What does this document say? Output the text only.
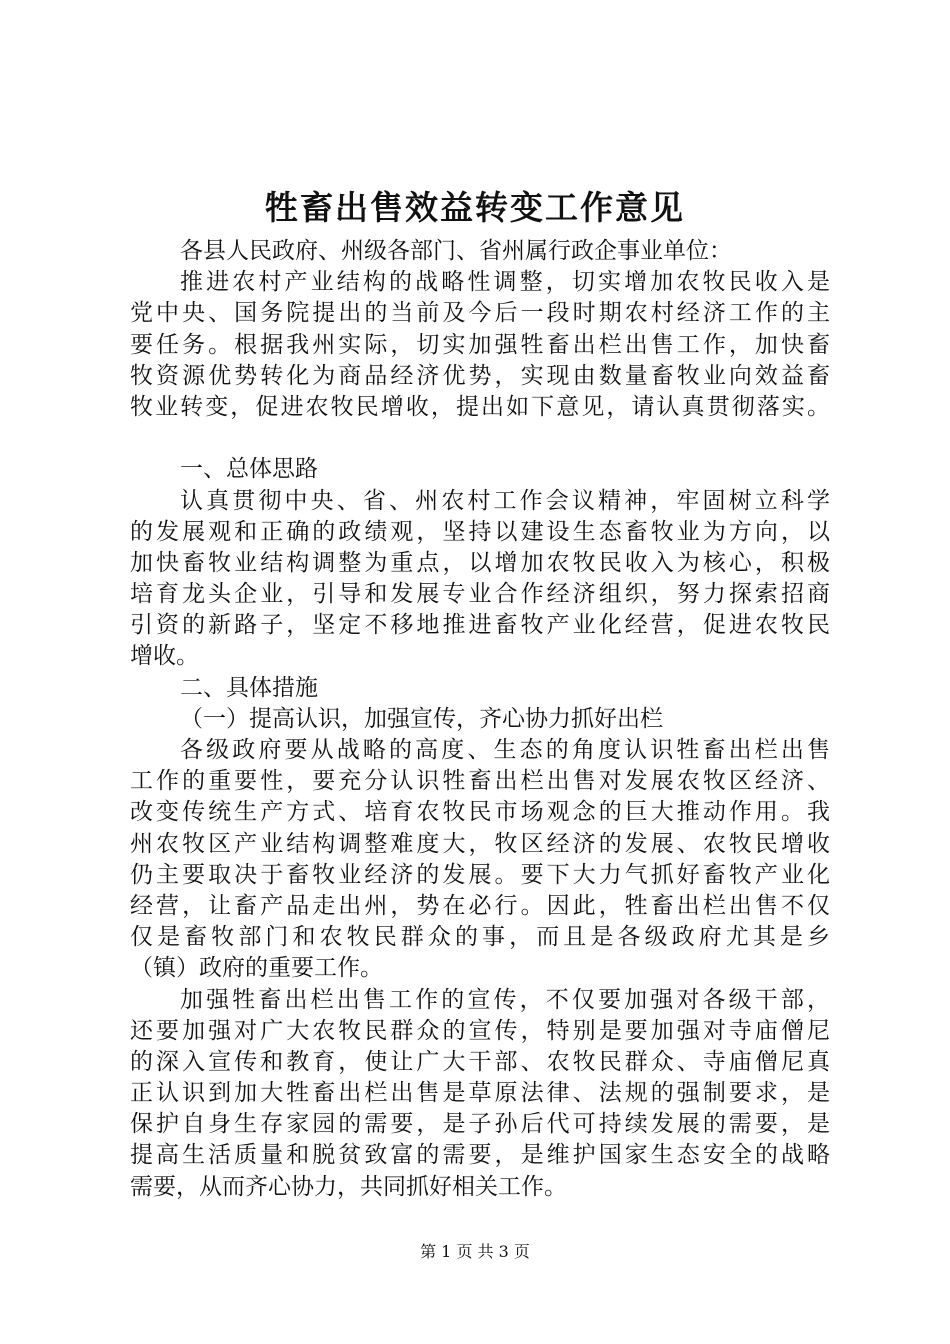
牲畜出售效益转变工作意见
各县人民政府、州级各部门、省州属行政企事业单位：
推进农村产业结构的战略性调整，切实增加农牧民收入是
党中央、国务院提出的当前及今后一段时期农村经济工作的主
要任务。根据我州实际，切实加强牲畜出栏出售工作，加快畜
牧资源优势转化为商品经济优势，实现由数量畜牧业向效益畜
牧业转变，促进农牧民增收，提出如下意见，请认真贯彻落实。
一、总体思路
认真贯彻中央、省、州农村工作会议精神，牢固树立科学
的发展观和正确的政绩观，坚持以建设生态畜牧业为方向，以
加快畜牧业结构调整为重点，以增加农牧民收入为核心，积极
培育龙头企业，引导和发展专业合作经济组织，努力探索招商
引资的新路子，坚定不移地推进畜牧产业化经营，促进农牧民
增收。
二、具体措施
（一）提高认识，加强宣传，齐心协力抓好出栏
各级政府要从战略的高度、生态的角度认识牲畜出栏出售
工作的重要性，要充分认识牲畜出栏出售对发展农牧区经济、
改变传统生产方式、培育农牧民市场观念的巨大推动作用。我
州农牧区产业结构调整难度大，牧区经济的发展、农牧民增收
仍主要取决于畜牧业经济的发展。要下大力气抓好畜牧产业化
经营，让畜产品走出州，势在必行。因此，牲畜出栏出售不仅
仅是畜牧部门和农牧民群众的事，而且是各级政府尤其是乡
（镇）政府的重要工作。
加强牲畜出栏出售工作的宣传，不仅要加强对各级干部，
还要加强对广大农牧民群众的宣传，特别是要加强对寺庙僧尼
的深入宣传和教育，使让广大干部、农牧民群众、寺庙僧尼真
正认识到加大牲畜出栏出售是草原法律、法规的强制要求，是
保护自身生存家园的需要，是子孙后代可持续发展的需要，是
提高生活质量和脱贫致富的需要，是维护国家生态安全的战略
需要，从而齐心协力，共同抓好相关工作。
第 1 页 共 3 页
